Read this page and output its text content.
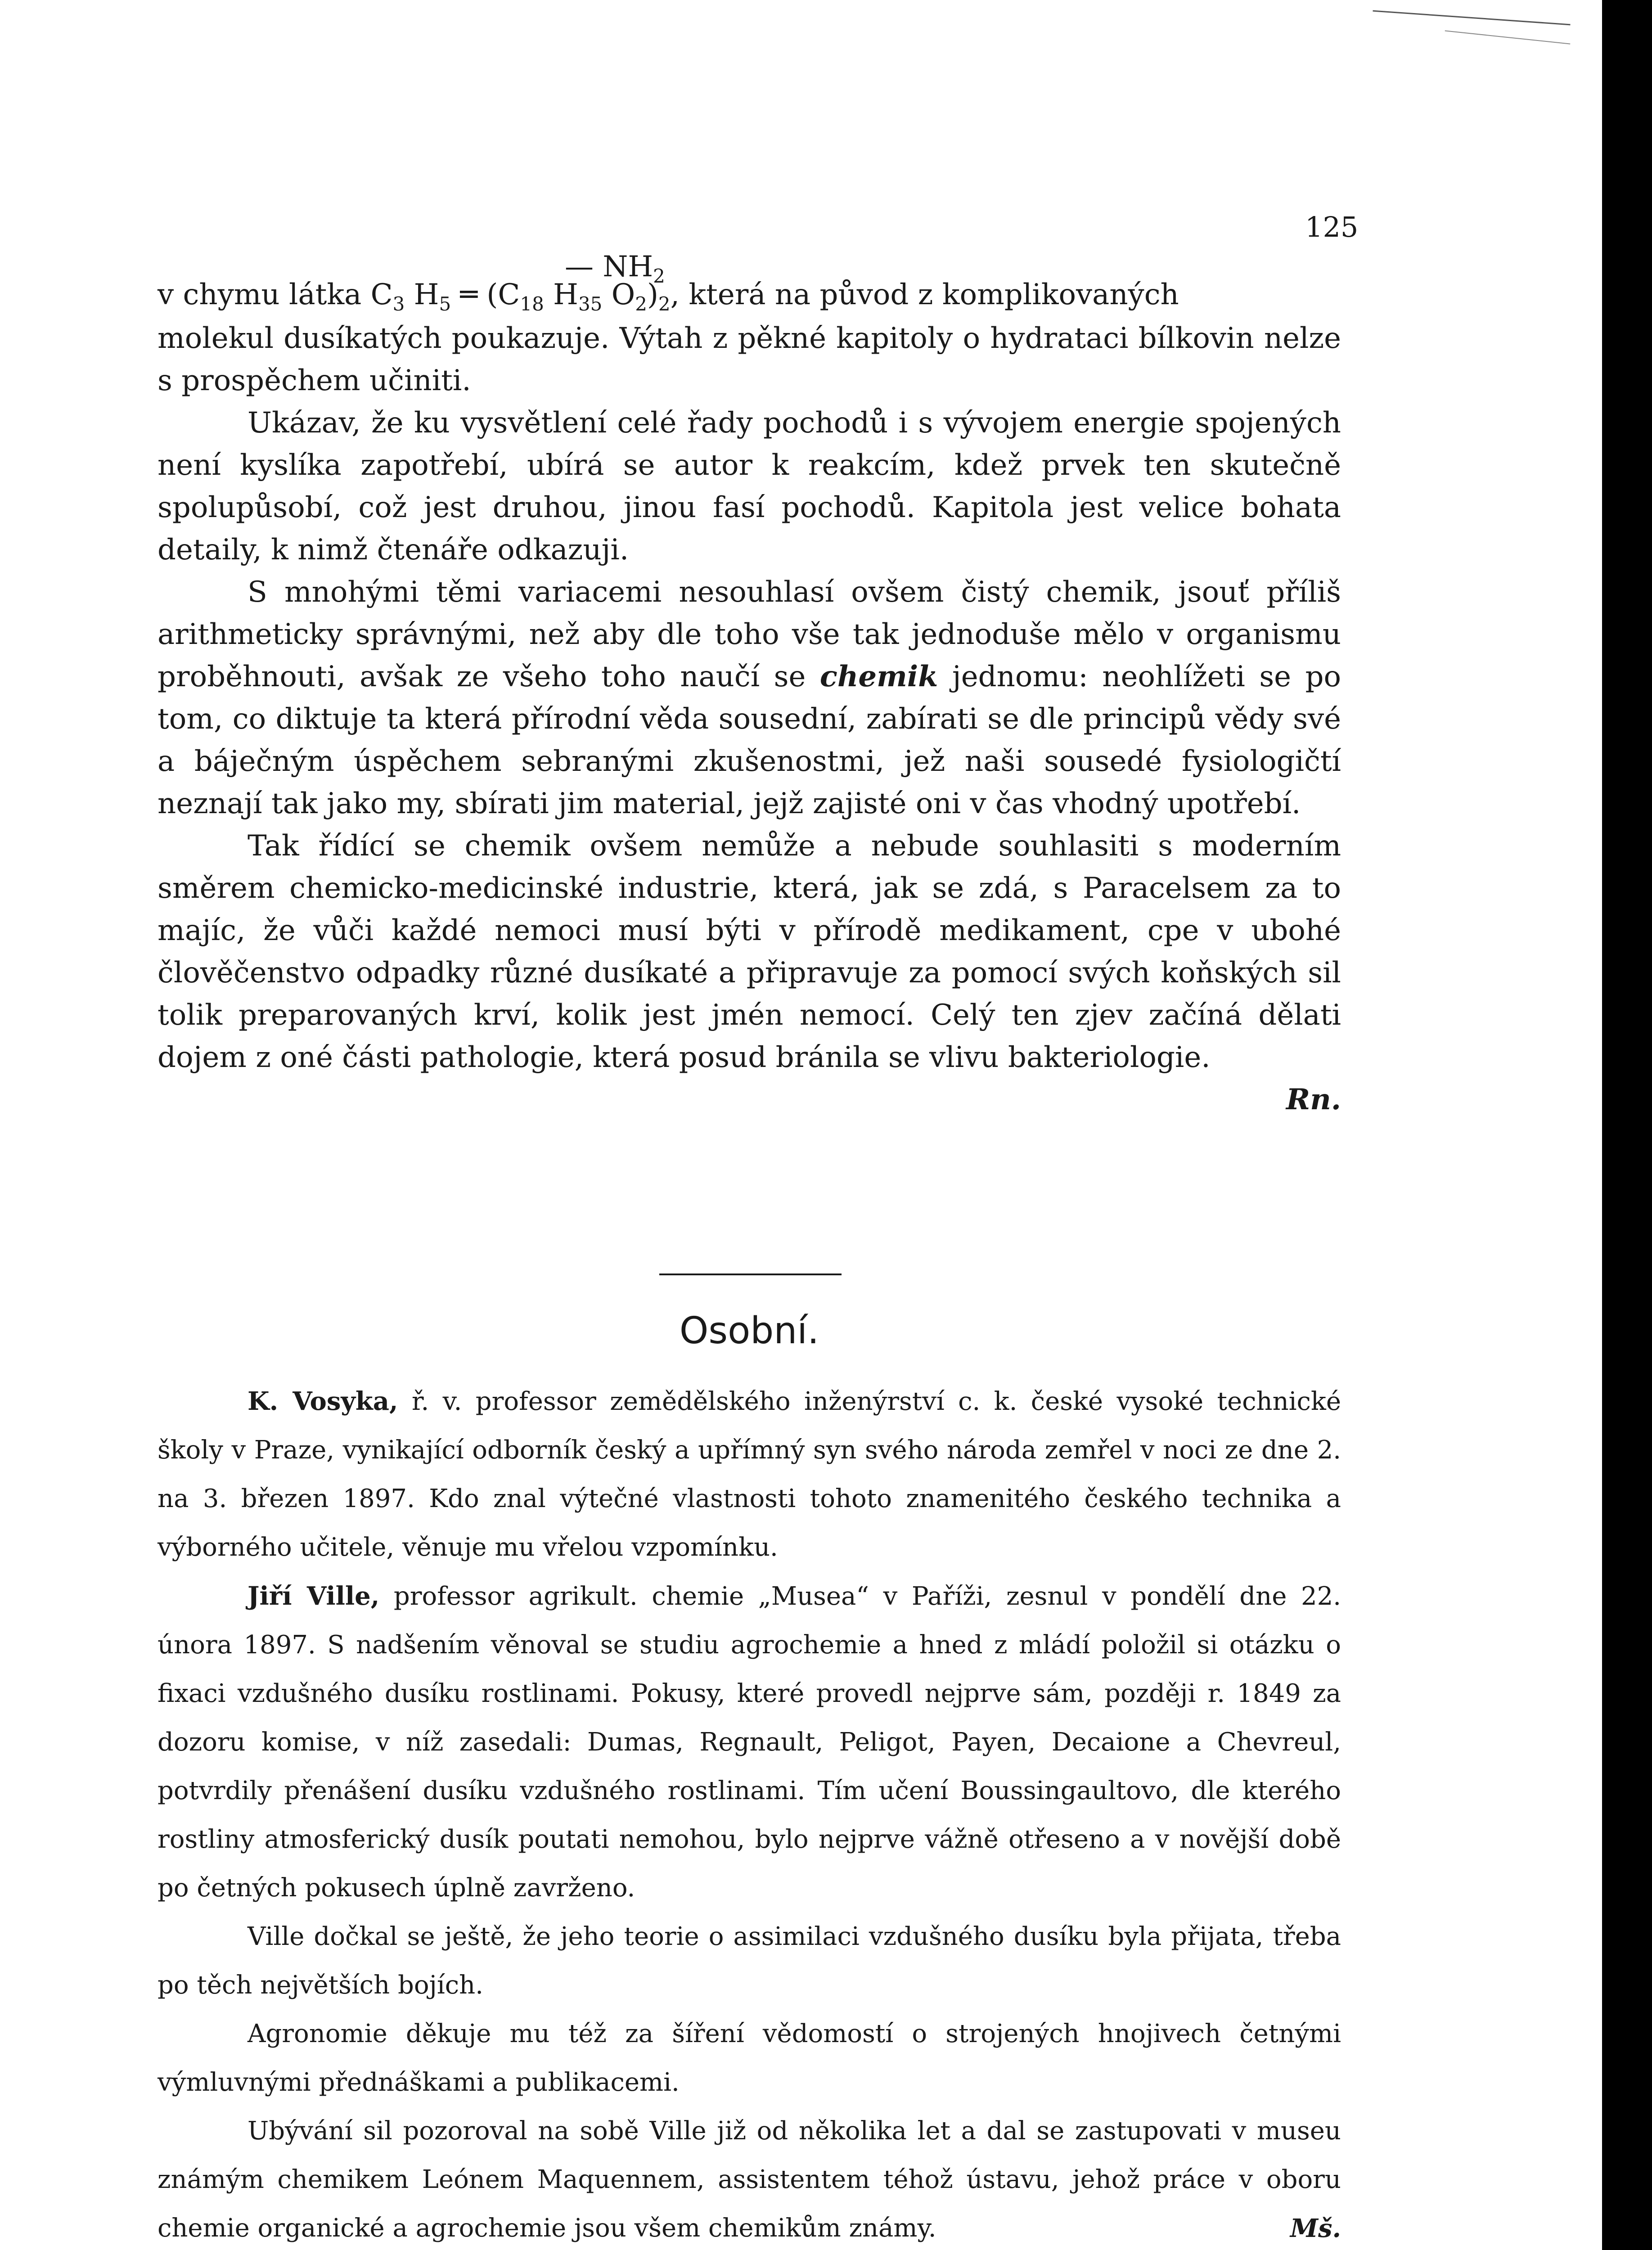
125
v chymu látka $C_3$ $H_5$ ═ ($C_{18}$ $H_{35}$ $O_2)_2$, která na původ z komplikovaných
— $NH_2$

molekul dusíkatých poukazuje. Výtah z pěkné kapitoly o hydrataci bílkovin nelze s prospěchem učiniti.

Ukázav, že ku vysvětlení celé řady pochodů i s vývojem energie spojených není kyslíka zapotřebí, ubírá se autor k reakcím, kdež prvek ten skutečně spolupůsobí, což jest druhou, jinou fasí pochodů. Kapitola jest velice bohata detaily, k nimž čtenáře odkazuji.

S mnohými těmi variacemi nesouhlasí ovšem čistý chemik, jsouť příliš arithmeticky správnými, než aby dle toho vše tak jednoduše mělo v organismu proběhnouti, avšak ze všeho toho naučí se chemik jednomu: neohlížeti se po tom, co diktuje ta která přírodní věda sousední, zabírati se dle principů vědy své a báječným úspěchem sebranými zkušenostmi, jež naši sousedé fysiologičtí neznají tak jako my, sbírati jim material, jejž zajisté oni v čas vhodný upotřebí.

Tak řídící se chemik ovšem nemůže a nebude souhlasiti s moderním směrem chemicko-medicinské industrie, která, jak se zdá, s Paracelsem za to majíc, že vůči každé nemoci musí býti v přírodě medikament, cpe v ubohé člověčenstvo odpadky různé dusíkaté a připravuje za pomocí svých koňských sil tolik preparovaných krví, kolik jest jmén nemocí. Celý ten zjev začíná dělati dojem z oné části pathologie, která posud bránila se vlivu bakteriologie.
Rn.

Osobní.

K. Vosyka, ř. v. professor zemědělského inženýrství c. k. české vysoké technické školy v Praze, vynikající odborník český a upřímný syn svého národa zemřel v noci ze dne 2. na 3. březen 1897. Kdo znal výtečné vlastnosti tohoto znamenitého českého technika a výborného učitele, věnuje mu vřelou vzpomínku.

Jiří Ville, professor agrikult. chemie „Musea“ v Paříži, zesnul v pondělí dne 22. února 1897. S nadšením věnoval se studiu agrochemie a hned z mládí položil si otázku o fixaci vzdušného dusíku rostlinami. Pokusy, které provedl nejprve sám, později r. 1849 za dozoru komise, v níž zasedali: Dumas, Regnault, Peligot, Payen, Decaione a Chevreul, potvrdily přenášení dusíku vzdušného rostlinami. Tím učení Boussingaultovo, dle kterého rostliny atmosferický dusík poutati nemohou, bylo nejprve vážně otřeseno a v novější době po četných pokusech úplně zavrženo.

Ville dočkal se ještě, že jeho teorie o assimilaci vzdušného dusíku byla přijata, třeba po těch největších bojích.

Agronomie děkuje mu též za šíření vědomostí o strojených hnojivech četnými výmluvnými přednáškami a publikacemi.

Ubývání sil pozoroval na sobě Ville již od několika let a dal se zastupovati v museu známým chemikem Leónem Maquennem, assistentem téhož ústavu, jehož práce v oboru chemie organické a agrochemie jsou všem chemikům známy.	Mš.
